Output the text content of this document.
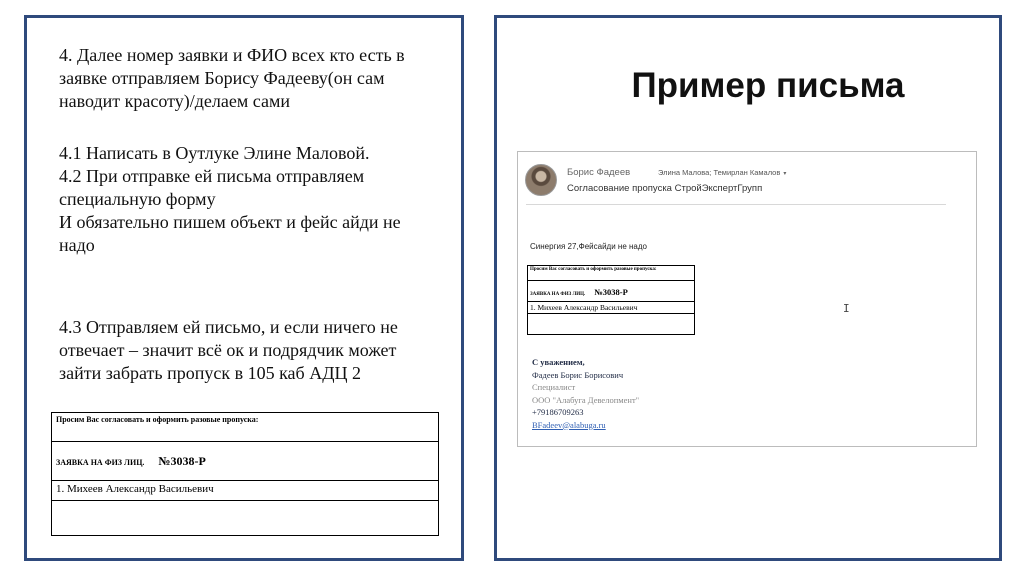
4. Далее номер заявки и ФИО всех кто есть в
заявке отправляем Борису Фадееву(он сам
наводит красоту)/делаем сами
4.1 Написать в Оутлуке Элине Маловой.
4.2 При отправке ей письма отправляем
специальную форму
И обязательно пишем объект и фейс айди не
надо
4.3 Отправляем ей письмо, и если ничего не
отвечает – значит всё ок и подрядчик может
зайти забрать пропуск в 105 каб АДЦ 2
Просим Вас согласовать и оформить разовые пропуска:
ЗАЯВКА НА ФИЗ ЛИЦ. №3038-Р
1. Михеев Александр Васильевич

Пример письма
Борис Фадеев	Элина Малова; Темирлан Камалов ▾
Согласование пропуска СтройЭкспертГрупп
Синергия 27,Фейсайди не надо
Просим Вас согласовать и оформить разовые пропуска:
ЗАЯВКА НА ФИЗ ЛИЦ. №3038-Р
1. Михеев Александр Васильевич	I
С уважением,
Фадеев Борис Борисович
Специалист
ООО "Алабуга Девелопмент"
+79186709263
BFadeev@alabuga.ru
